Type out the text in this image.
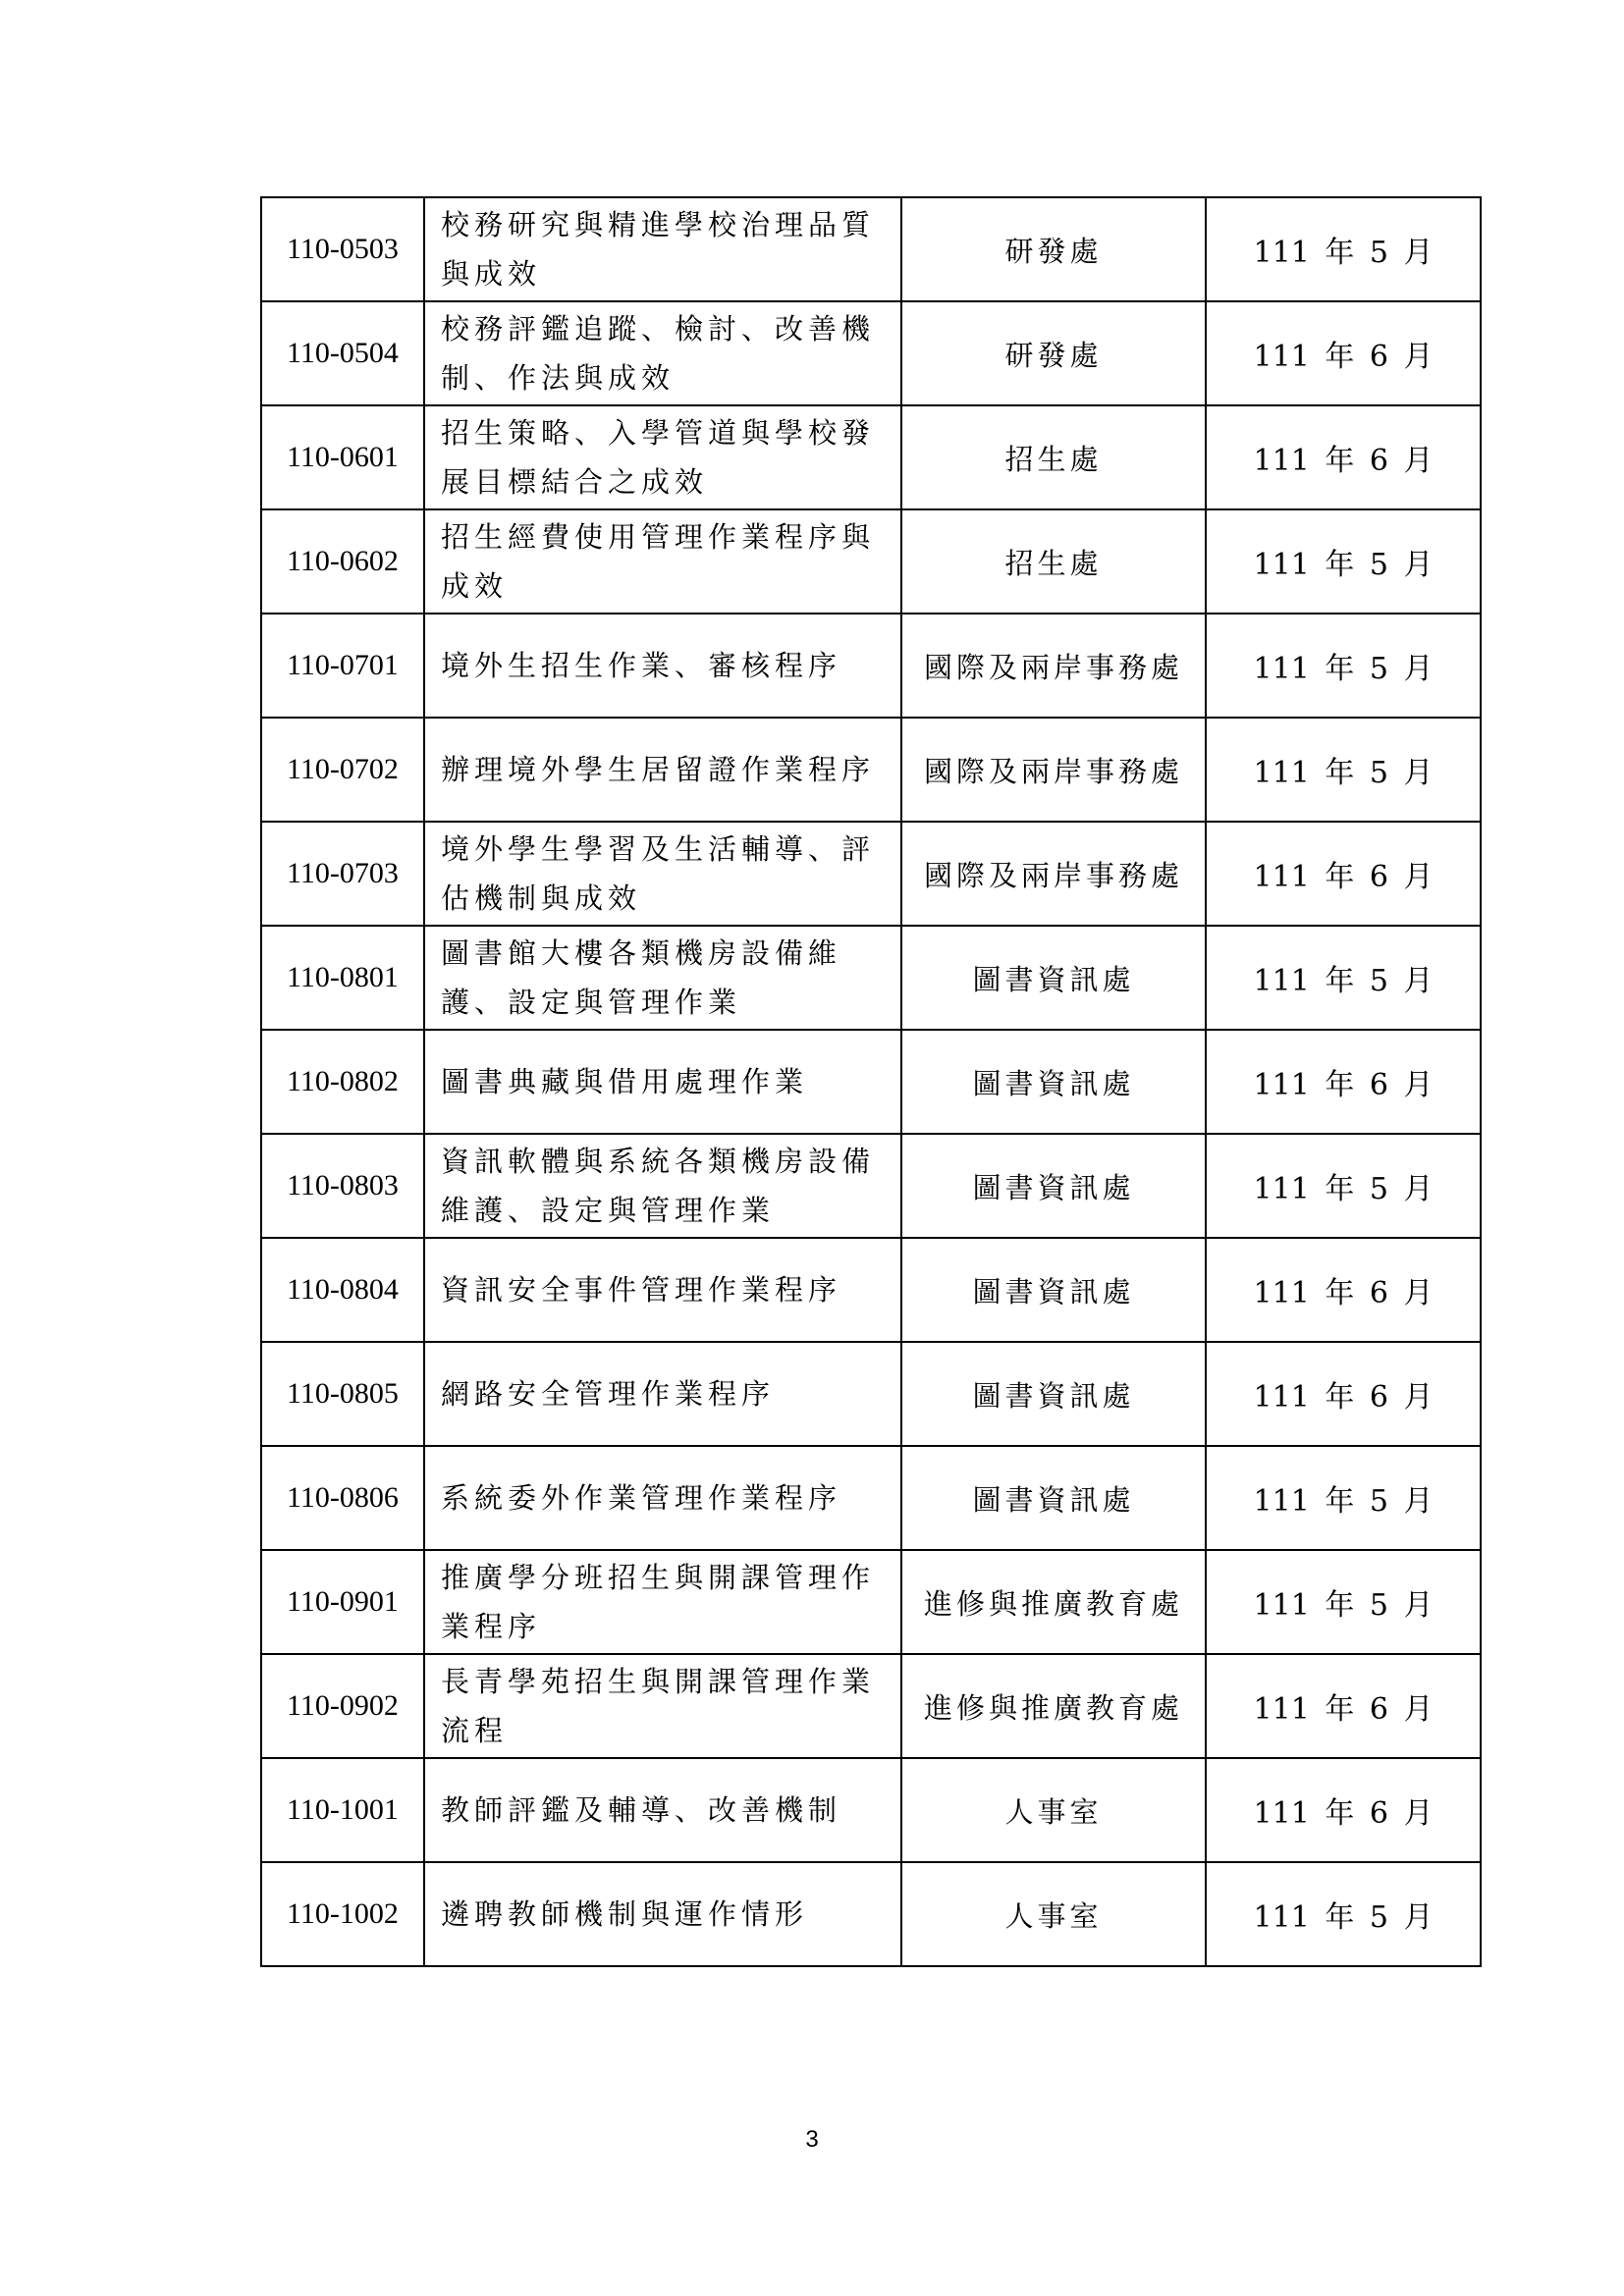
110-0503	校務研究與精進學校治理品質與成效	研發處	111 年 5 月
110-0504	校務評鑑追蹤、檢討、改善機制、作法與成效	研發處	111 年 6 月
110-0601	招生策略、入學管道與學校發展目標結合之成效	招生處	111 年 6 月
110-0602	招生經費使用管理作業程序與成效	招生處	111 年 5 月
110-0701	境外生招生作業、審核程序	國際及兩岸事務處	111 年 5 月
110-0702	辦理境外學生居留證作業程序	國際及兩岸事務處	111 年 5 月
110-0703	境外學生學習及生活輔導、評估機制與成效	國際及兩岸事務處	111 年 6 月
110-0801	圖書館大樓各類機房設備維護、設定與管理作業	圖書資訊處	111 年 5 月
110-0802	圖書典藏與借用處理作業	圖書資訊處	111 年 6 月
110-0803	資訊軟體與系統各類機房設備維護、設定與管理作業	圖書資訊處	111 年 5 月
110-0804	資訊安全事件管理作業程序	圖書資訊處	111 年 6 月
110-0805	網路安全管理作業程序	圖書資訊處	111 年 6 月
110-0806	系統委外作業管理作業程序	圖書資訊處	111 年 5 月
110-0901	推廣學分班招生與開課管理作業程序	進修與推廣教育處	111 年 5 月
110-0902	長青學苑招生與開課管理作業流程	進修與推廣教育處	111 年 6 月
110-1001	教師評鑑及輔導、改善機制	人事室	111 年 6 月
110-1002	遴聘教師機制與運作情形	人事室	111 年 5 月
3
